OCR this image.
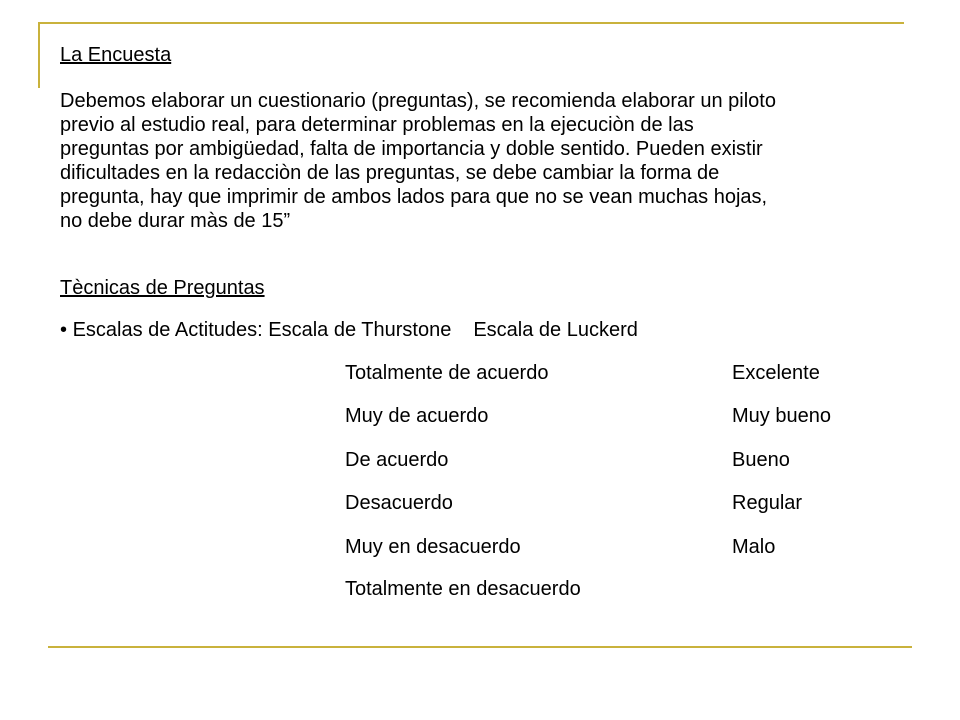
La Encuesta
Debemos elaborar un cuestionario (preguntas), se recomienda elaborar un piloto
previo al estudio real, para determinar problemas en la ejecuciòn de las
preguntas por ambigüedad, falta de importancia y doble sentido. Pueden existir
dificultades en la redacciòn de las preguntas, se debe cambiar la forma de
pregunta, hay que imprimir de ambos lados para que no se vean muchas hojas,
no debe durar màs de 15”
Tècnicas de Preguntas
• Escalas de Actitudes: Escala de Thurstone Escala de Luckerd
Totalmente de acuerdo
Muy de acuerdo
De acuerdo
Desacuerdo
Muy en desacuerdo
Totalmente en desacuerdo
Excelente
Muy bueno
Bueno
Regular
Malo
